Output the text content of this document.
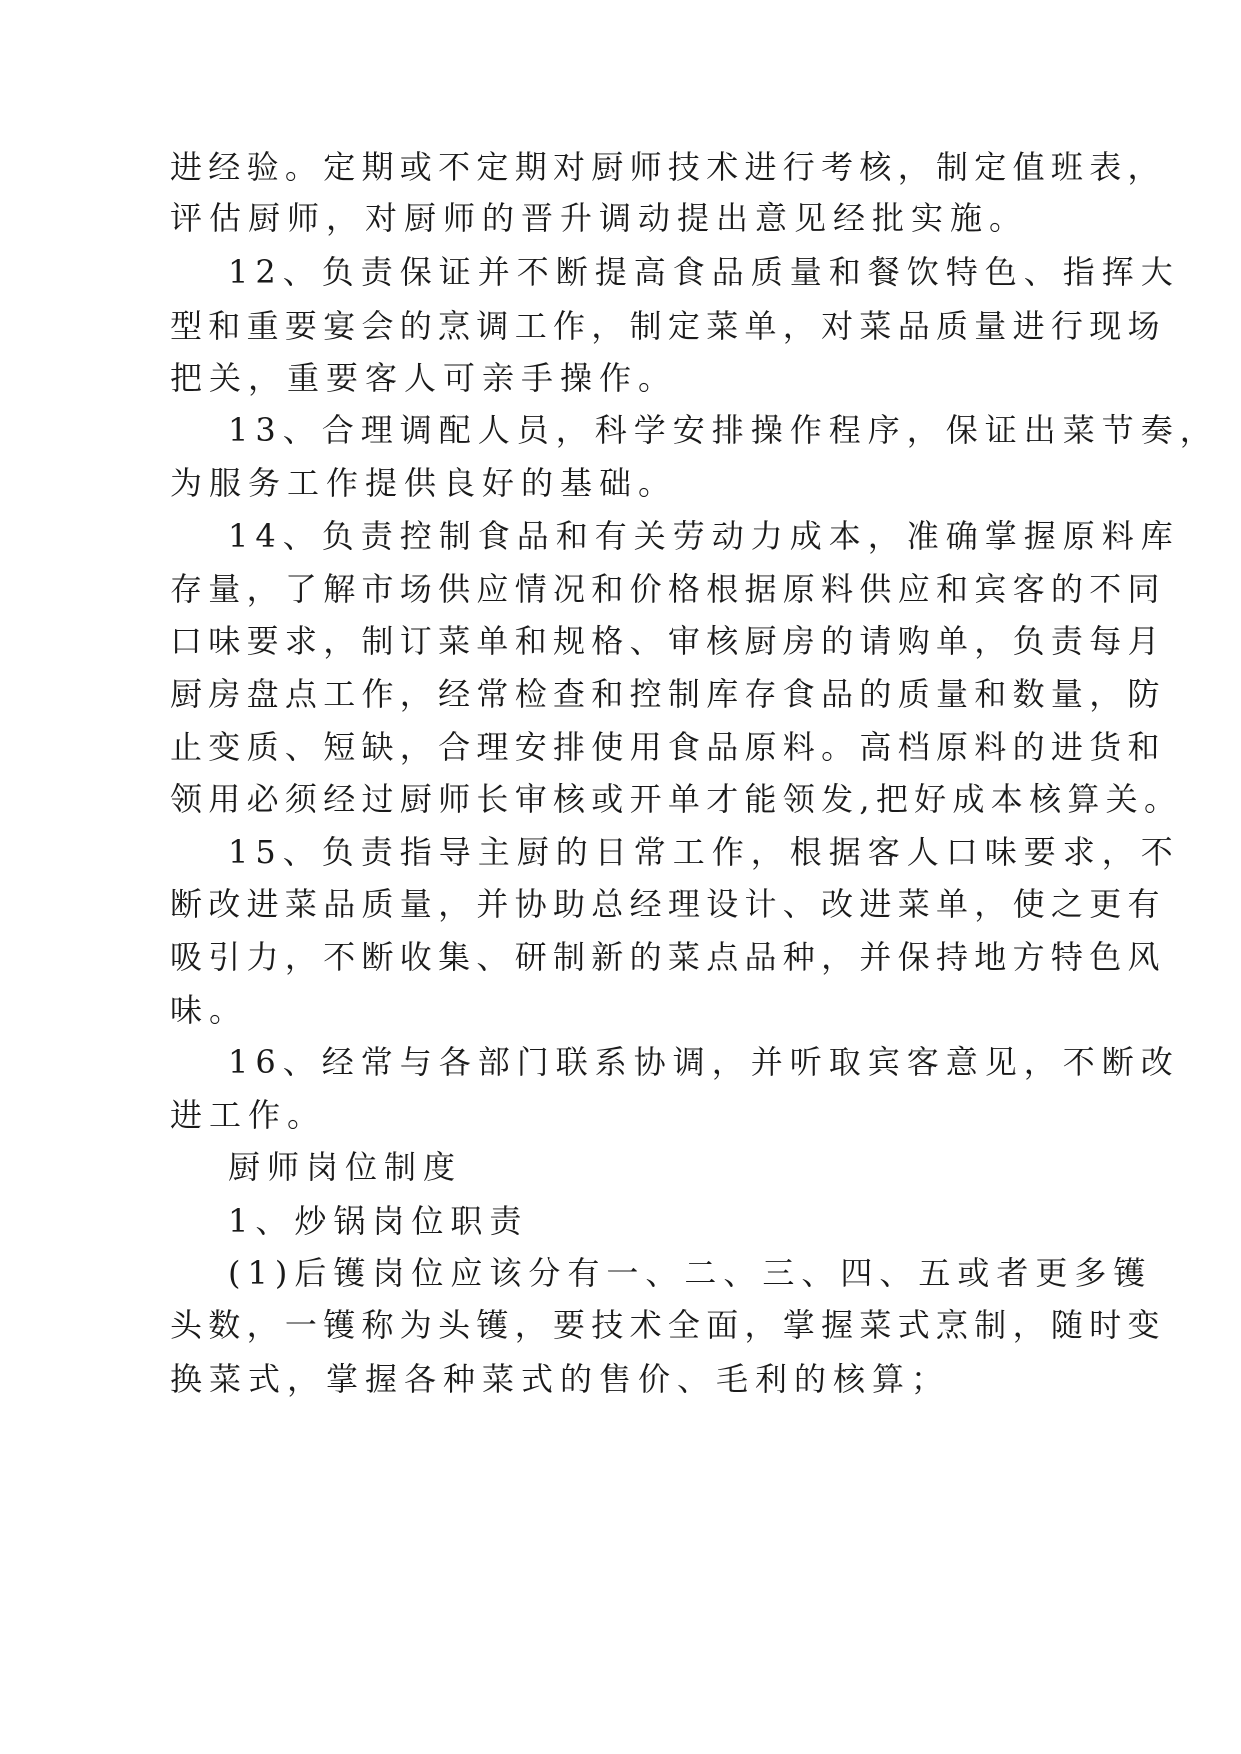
进经验。定期或不定期对厨师技术进行考核，制定值班表，
评估厨师，对厨师的晋升调动提出意见经批实施。
12、负责保证并不断提高食品质量和餐饮特色、指挥大
型和重要宴会的烹调工作，制定菜单，对菜品质量进行现场
把关，重要客人可亲手操作。
13、合理调配人员，科学安排操作程序，保证出菜节奏，
为服务工作提供良好的基础。
14、负责控制食品和有关劳动力成本，准确掌握原料库
存量，了解市场供应情况和价格根据原料供应和宾客的不同
口味要求，制订菜单和规格、审核厨房的请购单，负责每月
厨房盘点工作，经常检查和控制库存食品的质量和数量，防
止变质、短缺，合理安排使用食品原料。高档原料的进货和
领用必须经过厨师长审核或开单才能领发,把好成本核算关。
15、负责指导主厨的日常工作，根据客人口味要求，不
断改进菜品质量，并协助总经理设计、改进菜单，使之更有
吸引力，不断收集、研制新的菜点品种，并保持地方特色风
味。
16、经常与各部门联系协调，并听取宾客意见，不断改
进工作。
厨师岗位制度
1、炒锅岗位职责
(1)后镬岗位应该分有一、二、三、四、五或者更多镬
头数，一镬称为头镬，要技术全面，掌握菜式烹制，随时变
换菜式，掌握各种菜式的售价、毛利的核算；
